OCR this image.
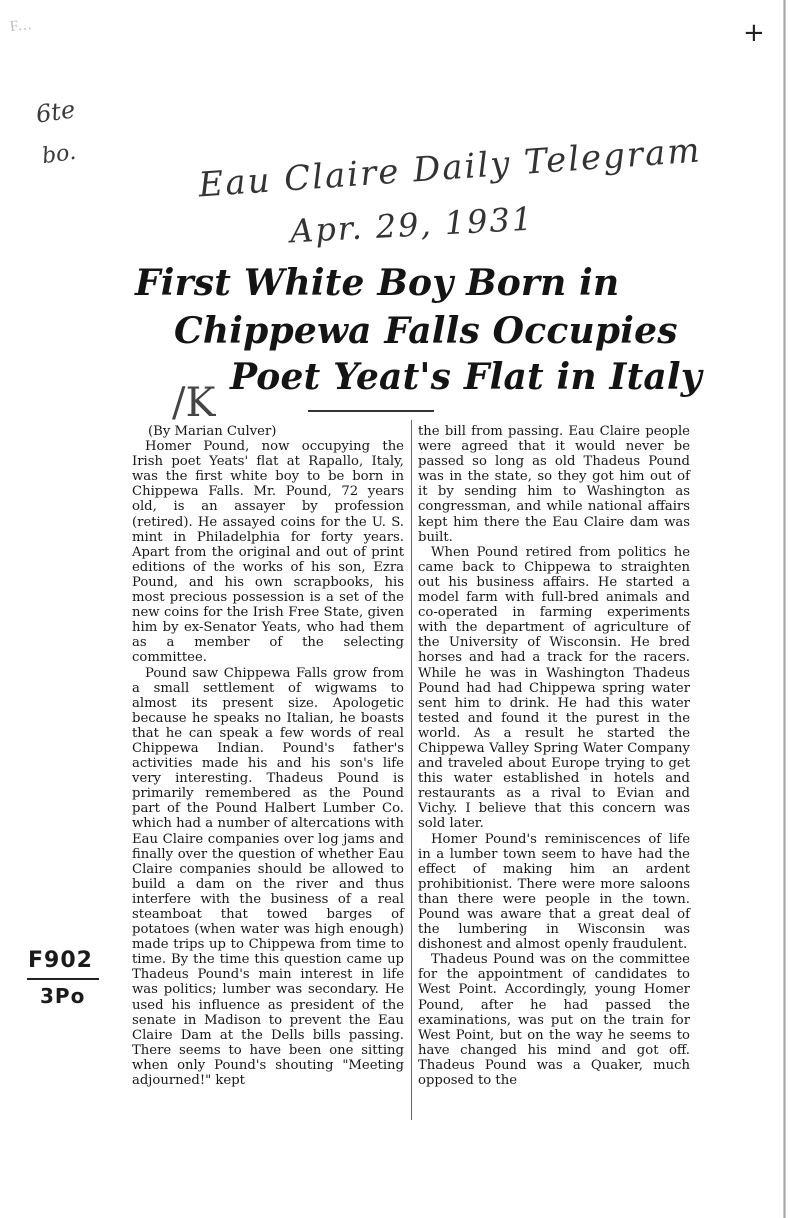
F...	+
6te
bo.	Eau Claire Daily Telegram
Apr. 29, 1931
/K
First White Boy Born in
Chippewa Falls Occupies
Poet Yeat's Flat in Italy

(By Marian Culver)

Homer Pound, now occupying the Irish poet Yeats' flat at Rapallo, Italy, was the first white boy to be born in Chippewa Falls. Mr. Pound, 72 years old, is an assayer by profession (retired). He assayed coins for the U. S. mint in Philadelphia for forty years. Apart from the original and out of print editions of the works of his son, Ezra Pound, and his own scrapbooks, his most precious possession is a set of the new coins for the Irish Free State, given him by ex-Senator Yeats, who had them as a member of the selecting committee.

Pound saw Chippewa Falls grow from a small settlement of wigwams to almost its present size. Apologetic because he speaks no Italian, he boasts that he can speak a few words of real Chippewa Indian. Pound's father's activities made his and his son's life very interesting. Thadeus Pound is primarily remembered as the Pound part of the Pound Halbert Lumber Co. which had a number of altercations with Eau Claire companies over log jams and finally over the question of whether Eau Claire companies should be allowed to build a dam on the river and thus interfere with the business of a real steamboat that towed barges of potatoes (when water was high enough) made trips up to Chippewa from time to time. By the time this question came up Thadeus Pound's main interest in life was politics; lumber was secondary. He used his influence as president of the senate in Madison to prevent the Eau Claire Dam at the Dells bills passing. There seems to have been one sitting when only Pound's shouting "Meeting adjourned!" kept

the bill from passing. Eau Claire people were agreed that it would never be passed so long as old Thadeus Pound was in the state, so they got him out of it by sending him to Washington as congressman, and while national affairs kept him there the Eau Claire dam was built.

When Pound retired from politics he came back to Chippewa to straighten out his business affairs. He started a model farm with full-bred animals and co-operated in farming experiments with the department of agriculture of the University of Wisconsin. He bred horses and had a track for the racers. While he was in Washington Thadeus Pound had had Chippewa spring water sent him to drink. He had this water tested and found it the purest in the world. As a result he started the Chippewa Valley Spring Water Company and traveled about Europe trying to get this water established in hotels and restaurants as a rival to Evian and Vichy. I believe that this concern was sold later.

Homer Pound's reminiscences of life in a lumber town seem to have had the effect of making him an ardent prohibitionist. There were more saloons than there were people in the town. Pound was aware that a great deal of the lumbering in Wisconsin was dishonest and almost openly fraudulent.

Thadeus Pound was on the committee for the appointment of candidates to West Point. Accordingly, young Homer Pound, after he had passed the examinations, was put on the train for West Point, but on the way he seems to have changed his mind and got off. Thadeus Pound was a Quaker, much opposed to the

F902
3Po
